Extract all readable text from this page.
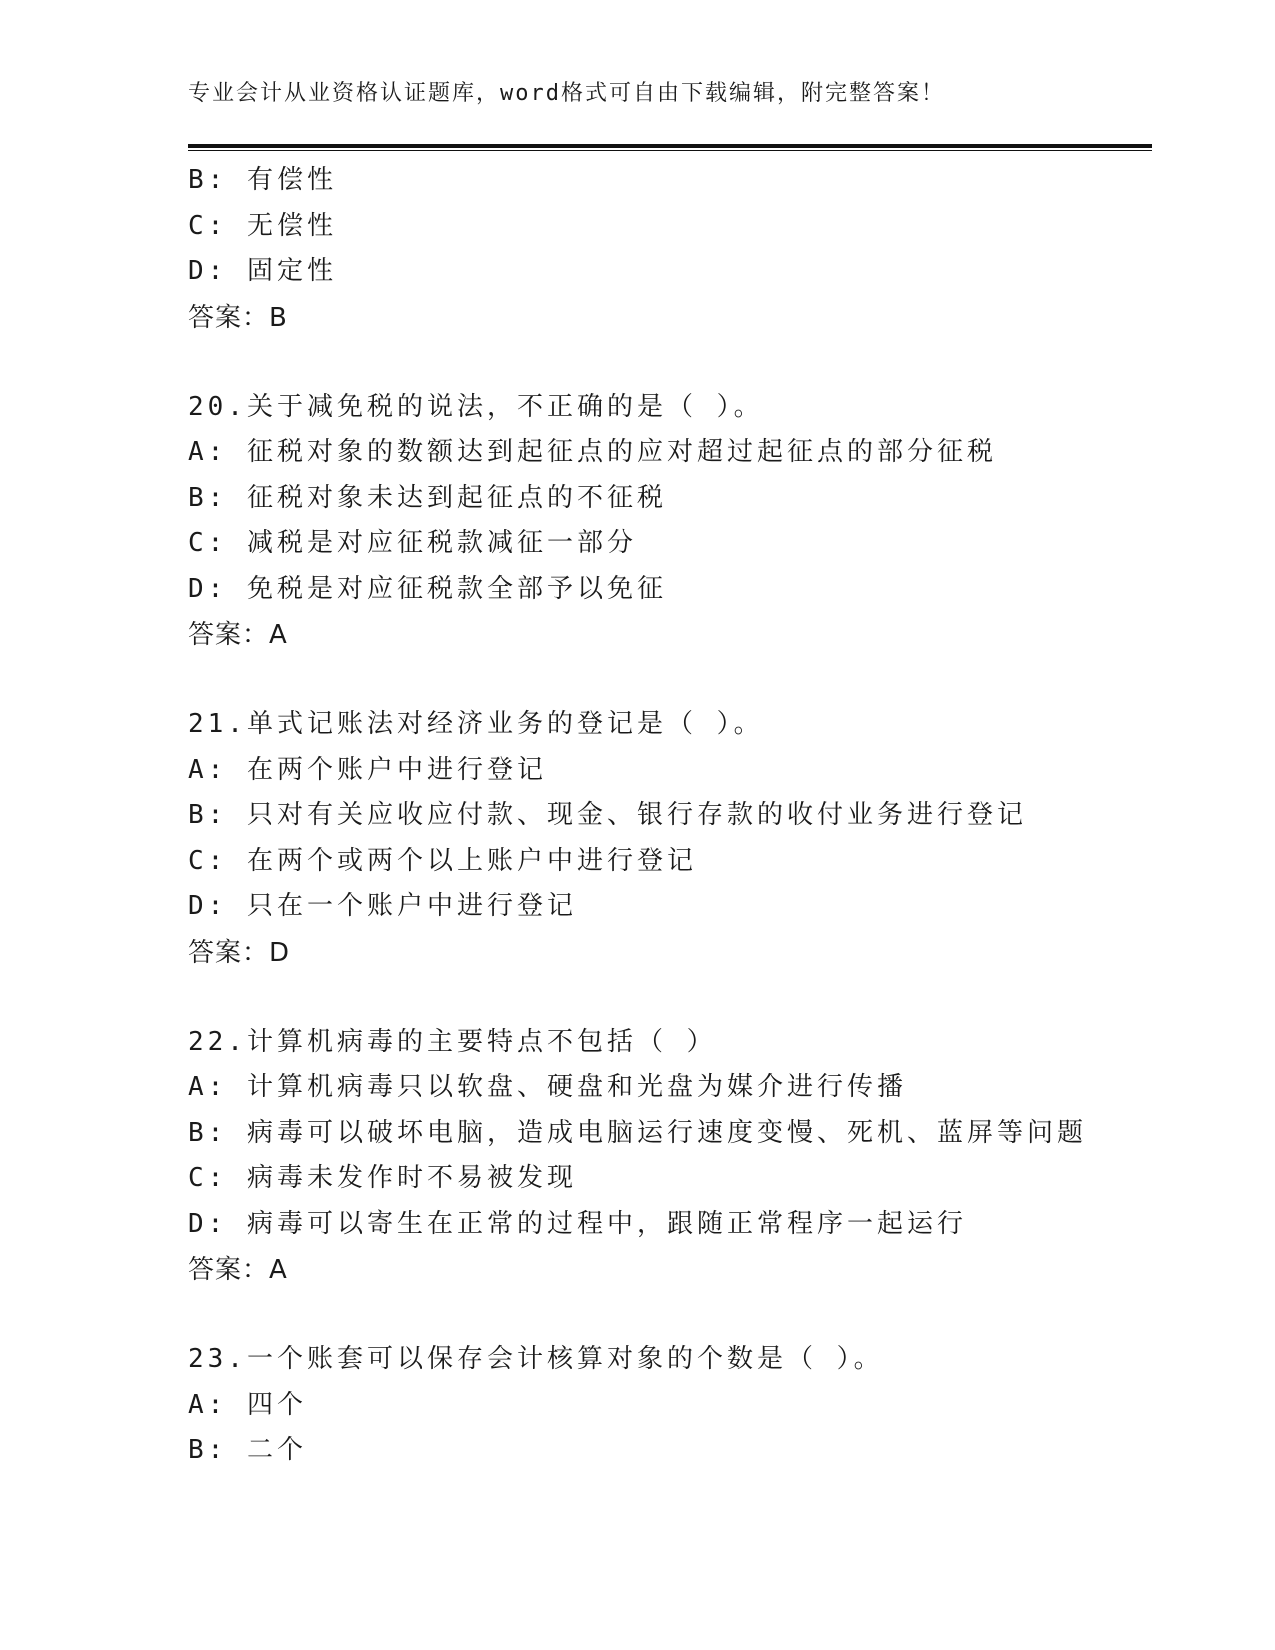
专业会计从业资格认证题库，word格式可自由下载编辑，附完整答案！
B: 有偿性
C: 无偿性
D: 固定性
答案：B
20.关于减免税的说法，不正确的是（ ）。
A: 征税对象的数额达到起征点的应对超过起征点的部分征税
B: 征税对象未达到起征点的不征税
C: 减税是对应征税款减征一部分
D: 免税是对应征税款全部予以免征
答案：A
21.单式记账法对经济业务的登记是（ ）。
A: 在两个账户中进行登记
B: 只对有关应收应付款、现金、银行存款的收付业务进行登记
C: 在两个或两个以上账户中进行登记
D: 只在一个账户中进行登记
答案：D
22.计算机病毒的主要特点不包括（ ）
A: 计算机病毒只以软盘、硬盘和光盘为媒介进行传播
B: 病毒可以破坏电脑，造成电脑运行速度变慢、死机、蓝屏等问题
C: 病毒未发作时不易被发现
D: 病毒可以寄生在正常的过程中，跟随正常程序一起运行
答案：A
23.一个账套可以保存会计核算对象的个数是（ ）。
A: 四个
B: 二个
